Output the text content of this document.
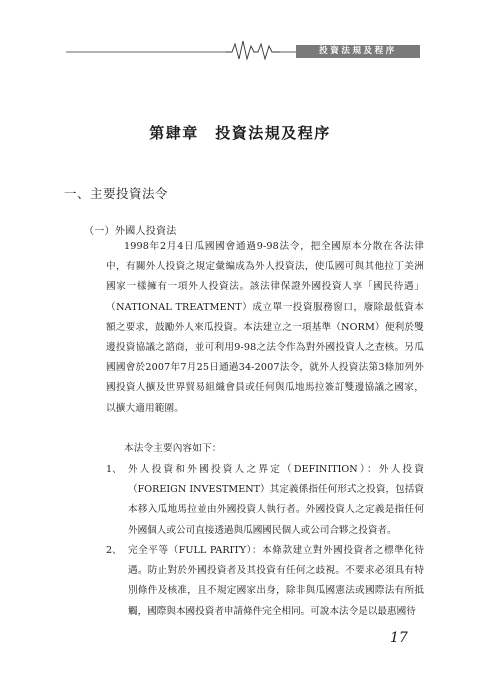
投資法規及程序
第肆章　投資法規及程序
一、主要投資法令
（一）外國人投資法
1998年2月4日瓜國國會通過9-98法令，把全國原本分散在各法律中，有關外人投資之規定彙編成為外人投資法，使瓜國可與其他拉丁美洲國家一樣擁有一項外人投資法。該法律保證外國投資人享「國民待遇」（NATIONAL TREATMENT）成立單一投資服務窗口，廢除最低資本額之要求，鼓勵外人來瓜投資。本法建立之一項基準（NORM）便利於雙邊投資協議之諮商，並可利用9-98之法令作為對外國投資人之查核。另瓜國國會於2007年7月25日通過34-2007法令，就外人投資法第3條加列外國投資人擴及世界貿易組織會員或任何與瓜地馬拉簽訂雙邊協議之國家，以擴大適用範圍。
本法令主要內容如下：
1、 外人投資和外國投資人之界定（DEFINITION）：外人投資（FOREIGN INVESTMENT）其定義係指任何形式之投資，包括資本移入瓜地馬拉並由外國投資人執行者。外國投資人之定義是指任何外國個人或公司直接透過與瓜國國民個人或公司合夥之投資者。
2、 完全平等（FULL PARITY）：本條款建立對外國投資者之標準化待遇。防止對於外國投資者及其投資有任何之歧視。不要求必須具有特別條件及核准，且不規定國家出身，除非與瓜國憲法或國際法有所抵觸，國際與本國投資者申請條件完全相同。可說本法令是以最惠國待
17
